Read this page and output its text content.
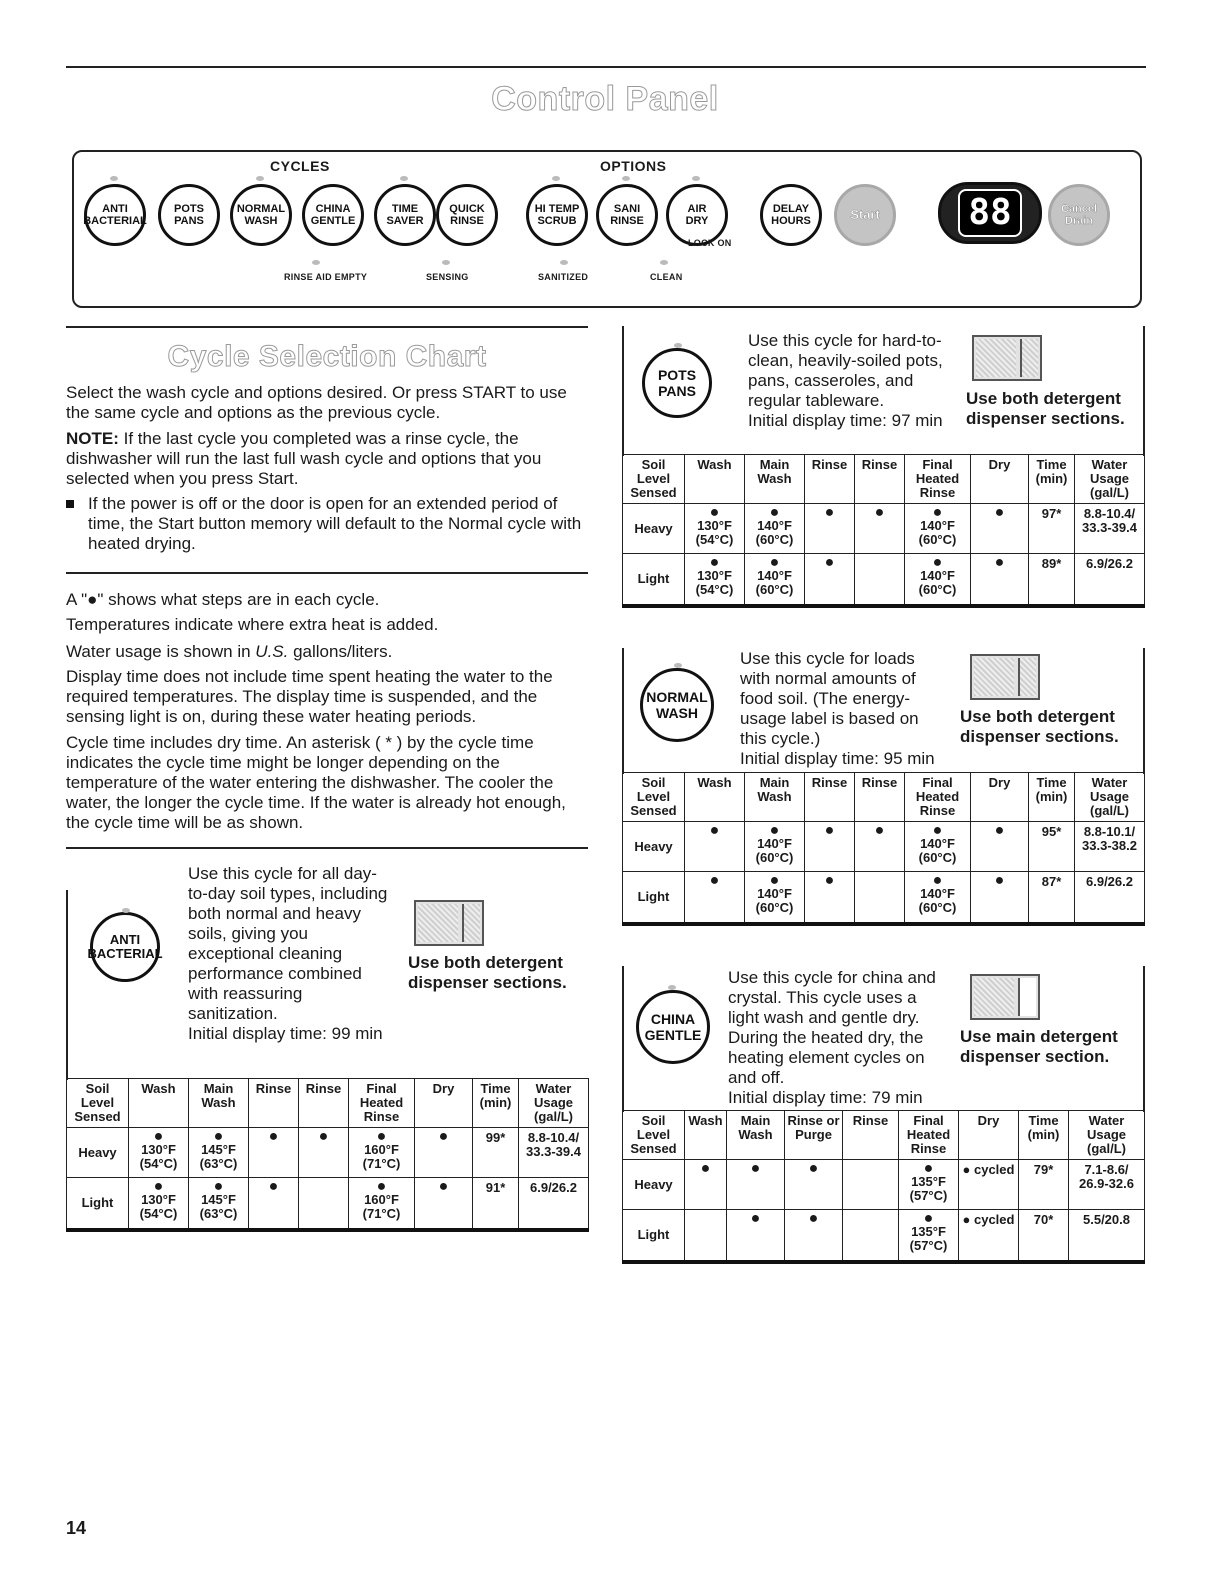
Control Panel
CYCLES	OPTIONS
ANTI
BACTERIAL
POTS
PANS
NORMAL
WASH
CHINA
GENTLE
TIME
SAVER
QUICK
RINSE
HI TEMP
SCRUB
SANI
RINSE
AIR
DRY
LOCK ON
DELAY
HOURS	Start 88	Cancel Drain
RINSE AID EMPTY	SENSING	SANITIZED	CLEAN
Cycle Selection Chart

Select the wash cycle and options desired. Or press START to use the same cycle and options as the previous cycle.

NOTE: If the last cycle you completed was a rinse cycle, the dishwasher will run the last full wash cycle and options that you selected when you press Start.

If the power is off or the door is open for an extended period of time, the Start button memory will default to the Normal cycle with heated drying.

A "●" shows what steps are in each cycle.

Temperatures indicate where extra heat is added.

Water usage is shown in U.S. gallons/liters.

Display time does not include time spent heating the water to the required temperatures. The display time is suspended, and the sensing light is on, during these water heating periods.

Cycle time includes dry time. An asterisk ( * ) by the cycle time indicates the cycle time might be longer depending on the temperature of the water entering the dishwasher. The cooler the water, the longer the cycle time. If the water is already hot enough, the cycle time will be as shown.

ANTI
BACTERIAL

Use this cycle for all day-
to-day soil types, including
both normal and heavy
soils, giving you
exceptional cleaning
performance combined
with reassuring
sanitization.
Initial display time: 99 min

Use both detergent
dispenser sections.
Soil Level Sensed	Wash	Main Wash	Rinse	Rinse	Final Heated Rinse	Dry	Time (min)	Water Usage (gal/L)
Heavy	●
130°F
(54°C)	●
145°F
(63°C)	●	●	●
160°F
(71°C)	●	99*	8.8-10.4/ 33.3-39.4
Light	●
130°F
(54°C)	●
145°F
(63°C)	●		●
160°F
(71°C)	●	91*	6.9/26.2
POTS
PANS

Use this cycle for hard-to-
clean, heavily-soiled pots,
pans, casseroles, and
regular tableware.
Initial display time: 97 min

Use both detergent
dispenser sections.
Soil Level Sensed	Wash	Main Wash	Rinse	Rinse	Final Heated Rinse	Dry	Time (min)	Water Usage (gal/L)
Heavy	●
130°F
(54°C)	●
140°F
(60°C)	●	●	●
140°F
(60°C)	●	97*	8.8-10.4/ 33.3-39.4
Light	●
130°F
(54°C)	●
140°F
(60°C)	●		●
140°F
(60°C)	●	89*	6.9/26.2
NORMAL
WASH

Use this cycle for loads
with normal amounts of
food soil. (The energy-
usage label is based on
this cycle.)
Initial display time: 95 min

Use both detergent
dispenser sections.
Soil Level Sensed	Wash	Main Wash	Rinse	Rinse	Final Heated Rinse	Dry	Time (min)	Water Usage (gal/L)
Heavy	●	●
140°F
(60°C)	●	●	●
140°F
(60°C)	●	95*	8.8-10.1/ 33.3-38.2
Light	●	●
140°F
(60°C)	●		●
140°F
(60°C)	●	87*	6.9/26.2
CHINA
GENTLE

Use this cycle for china and
crystal. This cycle uses a
light wash and gentle dry.
During the heated dry, the
heating element cycles on
and off.
Initial display time: 79 min

Use main detergent
dispenser section.
Soil Level Sensed	Wash	Main Wash	Rinse or Purge	Rinse	Final Heated Rinse	Dry	Time (min)	Water Usage (gal/L)
Heavy	●	●	●		●
135°F
(57°C)	● cycled	79*	7.1-8.6/ 26.9-32.6
Light		●	●		●
135°F
(57°C)	● cycled	70*	5.5/20.8
14
